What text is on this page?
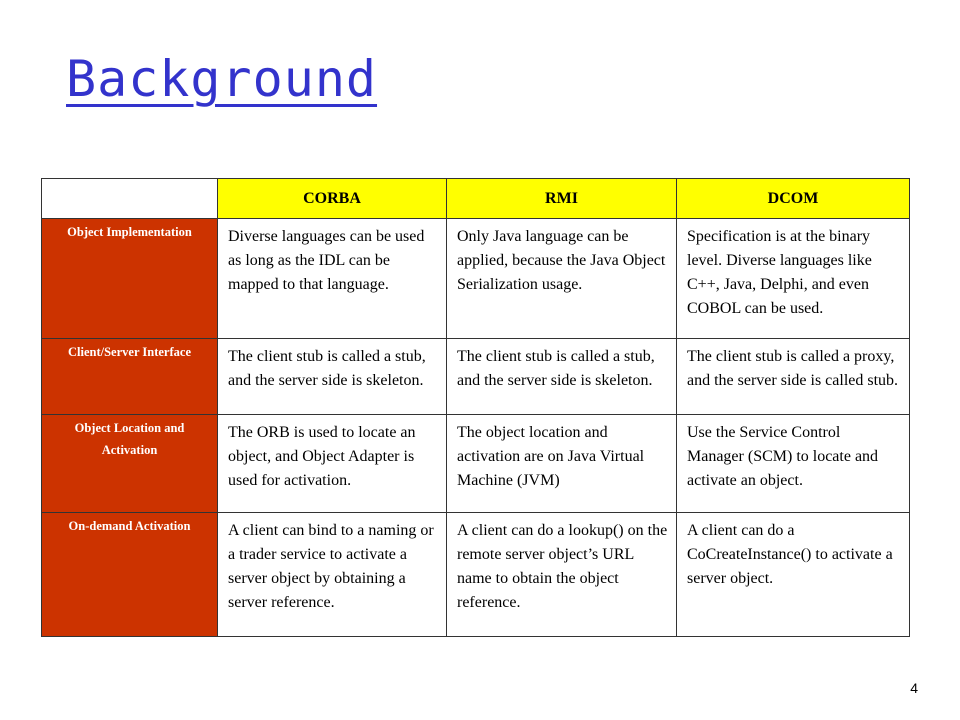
Background
	CORBA	RMI	DCOM
Object Implementation	Diverse languages can be used as long as the IDL can be mapped to that language.	Only Java language can be applied, because the Java Object Serialization usage.	Specification is at the binary level. Diverse languages like C++, Java, Delphi, and even COBOL can be used.
Client/Server Interface	The client stub is called a stub, and the server side is skeleton.	The client stub is called a stub, and the server side is skeleton.	The client stub is called a proxy, and the server side is called stub.
Object Location and Activation	The ORB is used to locate an object, and Object Adapter is used for activation.	The object location and activation are on Java Virtual Machine (JVM)	Use the Service Control Manager (SCM) to locate and activate an object.
On-demand Activation	A client can bind to a naming or a trader service to activate a server object by obtaining a server reference.	A client can do a lookup() on the remote server object’s URL name to obtain the object reference.	A client can do a CoCreateInstance() to activate a server object.
4
